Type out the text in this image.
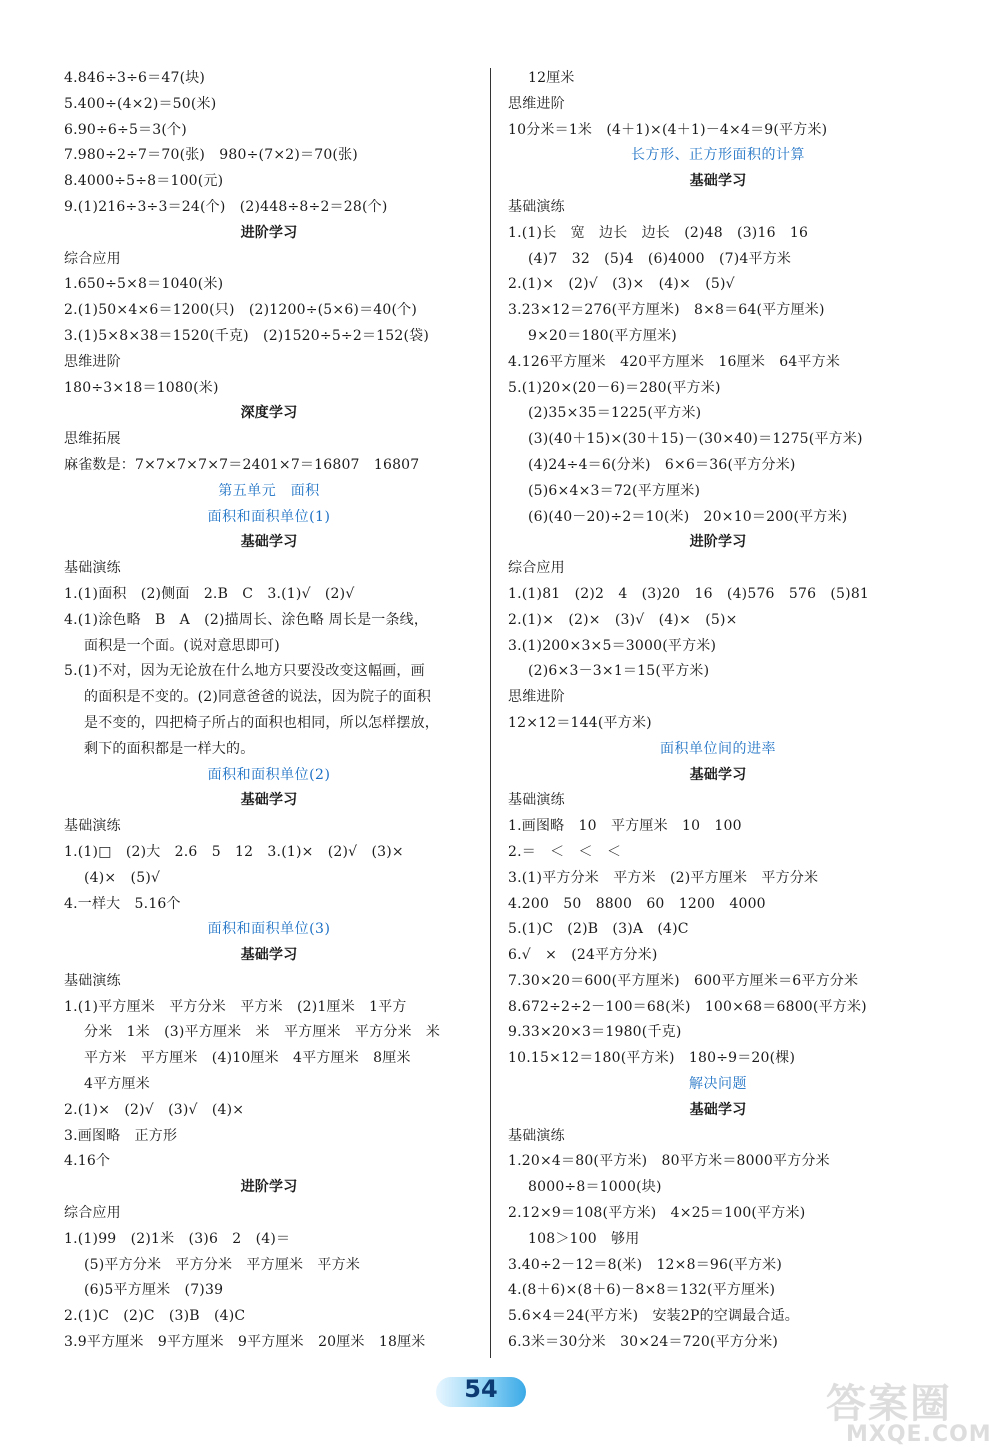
4.846÷3÷6＝47(块)
5.400÷(4×2)＝50(米)
6.90÷6÷5＝3(个)
7.980÷2÷7＝70(张)　980÷(7×2)＝70(张)
8.4000÷5÷8＝100(元)
9.(1)216÷3÷3＝24(个)　(2)448÷8÷2＝28(个)
进阶学习
综合应用
1.650÷5×8＝1040(米)
2.(1)50×4×6＝1200(只)　(2)1200÷(5×6)＝40(个)
3.(1)5×8×38＝1520(千克)　(2)1520÷5÷2＝152(袋)
思维进阶
180÷3×18＝1080(米)
深度学习
思维拓展
麻雀数是：7×7×7×7×7＝2401×7＝16807　16807
第五单元　面积
面积和面积单位(1)
基础学习
基础演练
1.(1)面积　(2)侧面　2.B　C　3.(1)√　(2)√
4.(1)涂色略　B　A　(2)描周长、涂色略 周长是一条线，
面积是一个面。(说对意思即可)
5.(1)不对，因为无论放在什么地方只要没改变这幅画，画
的面积是不变的。(2)同意爸爸的说法，因为院子的面积
是不变的，四把椅子所占的面积也相同，所以怎样摆放，
剩下的面积都是一样大的。
面积和面积单位(2)
基础学习
基础演练
1.(1)□　(2)大　2.6　5　12　3.(1)×　(2)√　(3)×
(4)×　(5)√
4.一样大　5.16个
面积和面积单位(3)
基础学习
基础演练
1.(1)平方厘米　平方分米　平方米　(2)1厘米　1平方
分米　1米　(3)平方厘米　米　平方厘米　平方分米　米
平方米　平方厘米　(4)10厘米　4平方厘米　8厘米
4平方厘米
2.(1)×　(2)√　(3)√　(4)×
3.画图略　正方形
4.16个
进阶学习
综合应用
1.(1)99　(2)1米　(3)6　2　(4)＝
(5)平方分米　平方分米　平方厘米　平方米
(6)5平方厘米　(7)39
2.(1)C　(2)C　(3)B　(4)C
3.9平方厘米　9平方厘米　9平方厘米　20厘米　18厘米
12厘米
思维进阶
10分米＝1米　(4＋1)×(4＋1)－4×4＝9(平方米)
长方形、正方形面积的计算
基础学习
基础演练
1.(1)长　宽　边长　边长　(2)48　(3)16　16
(4)7　32　(5)4　(6)4000　(7)4平方米
2.(1)×　(2)√　(3)×　(4)×　(5)√
3.23×12＝276(平方厘米)　8×8＝64(平方厘米)
9×20＝180(平方厘米)
4.126平方厘米　420平方厘米　16厘米　64平方米
5.(1)20×(20－6)＝280(平方米)
(2)35×35＝1225(平方米)
(3)(40＋15)×(30＋15)－(30×40)＝1275(平方米)
(4)24÷4＝6(分米)　6×6＝36(平方分米)
(5)6×4×3＝72(平方厘米)
(6)(40－20)÷2＝10(米)　20×10＝200(平方米)
进阶学习
综合应用
1.(1)81　(2)2　4　(3)20　16　(4)576　576　(5)81
2.(1)×　(2)×　(3)√　(4)×　(5)×
3.(1)200×3×5＝3000(平方米)
(2)6×3－3×1＝15(平方米)
思维进阶
12×12＝144(平方米)
面积单位间的进率
基础学习
基础演练
1.画图略　10　平方厘米　10　100
2.＝　＜　＜　＜
3.(1)平方分米　平方米　(2)平方厘米　平方分米
4.200　50　8800　60　1200　4000
5.(1)C　(2)B　(3)A　(4)C
6.√　×　(24平方分米)
7.30×20＝600(平方厘米)　600平方厘米＝6平方分米
8.672÷2÷2－100＝68(米)　100×68＝6800(平方米)
9.33×20×3＝1980(千克)
10.15×12＝180(平方米)　180÷9＝20(棵)
解决问题
基础学习
基础演练
1.20×4＝80(平方米)　80平方米＝8000平方分米
8000÷8＝1000(块)
2.12×9＝108(平方米)　4×25＝100(平方米)
108＞100　够用
3.40÷2－12＝8(米)　12×8＝96(平方米)
4.(8＋6)×(8＋6)－8×8＝132(平方厘米)
5.6×4＝24(平方米)　安装2P的空调最合适。
6.3米＝30分米　30×24＝720(平方分米)
54	答案圈
MXQE.COM
